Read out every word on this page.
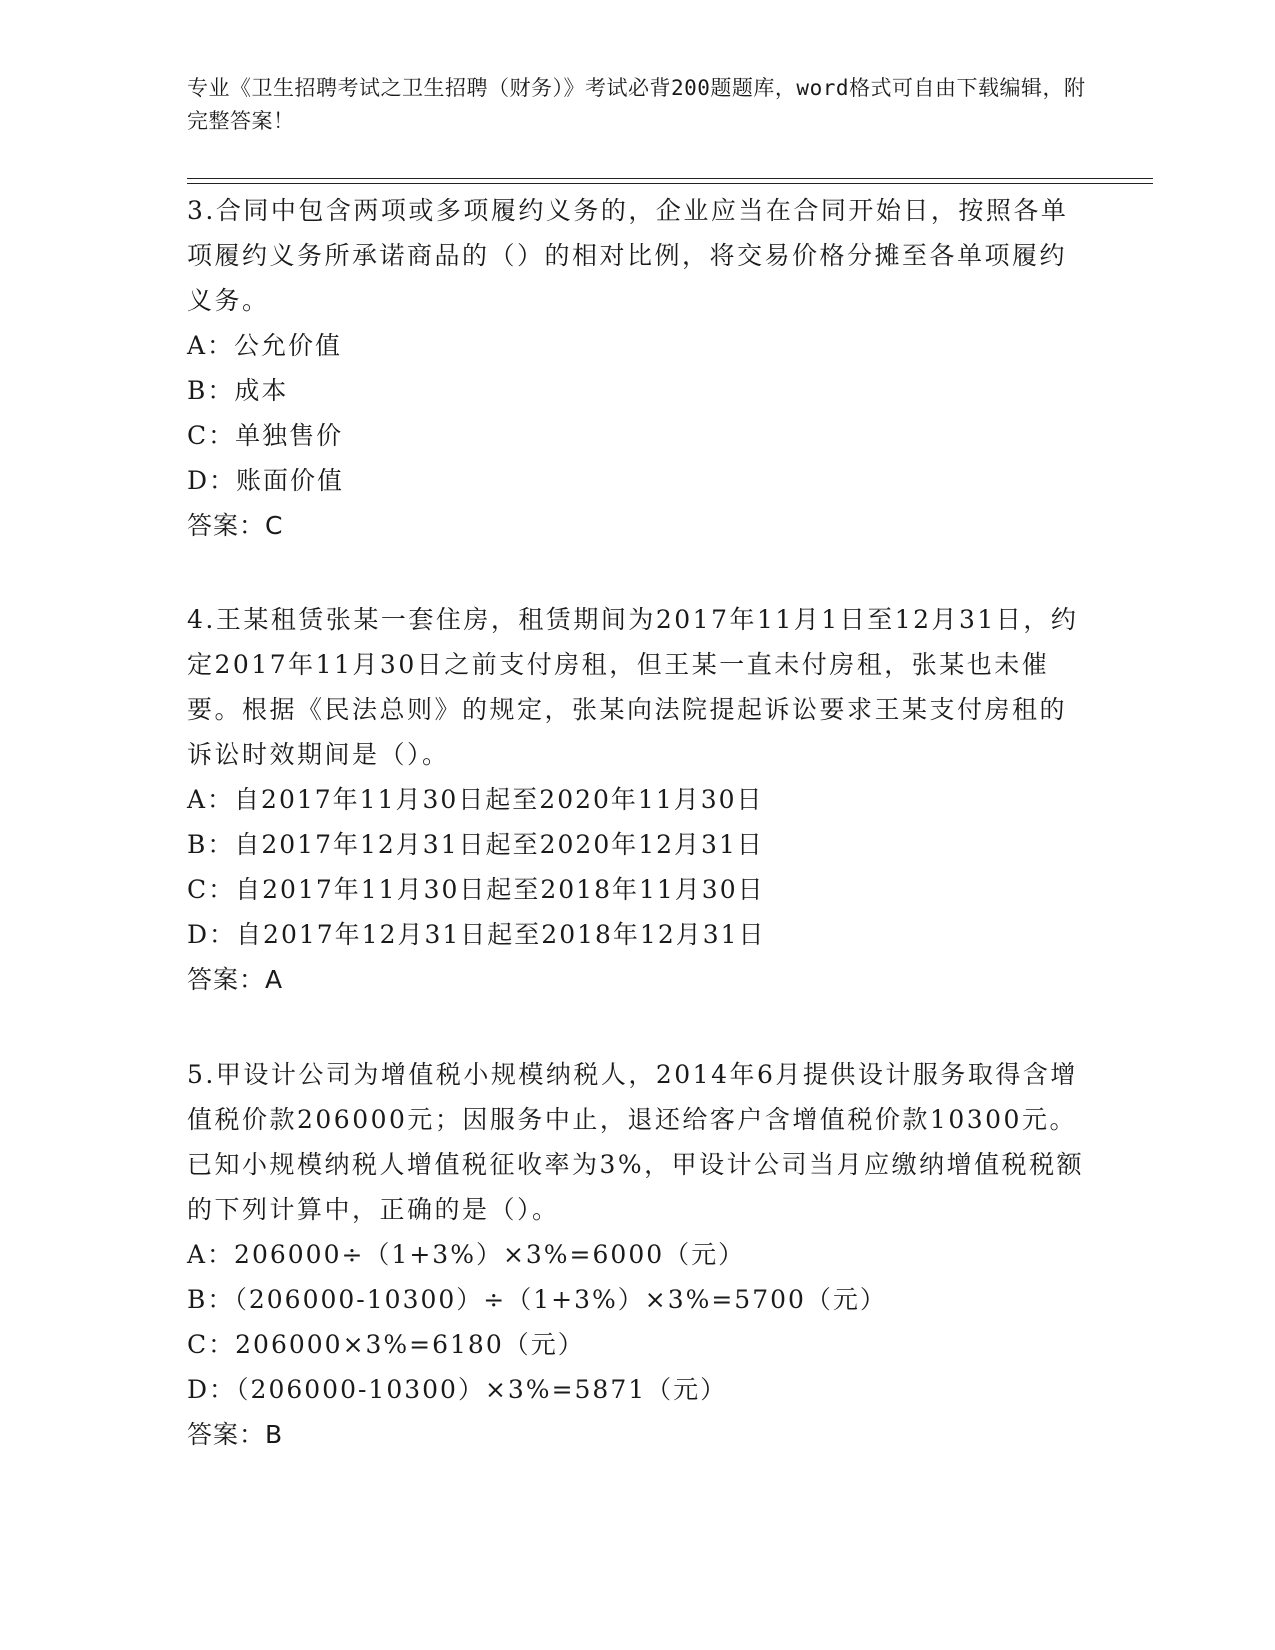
专业《卫生招聘考试之卫生招聘（财务）》考试必背200题题库，word格式可自由下载编辑，附完整答案！

3.合同中包含两项或多项履约义务的，企业应当在合同开始日，按照各单项履约义务所承诺商品的（）的相对比例，将交易价格分摊至各单项履约义务。

A：公允价值

B：成本

C：单独售价

D：账面价值

答案：C

4.王某租赁张某一套住房，租赁期间为2017年11月1日至12月31日，约定2017年11月30日之前支付房租，但王某一直未付房租，张某也未催要。根据《民法总则》的规定，张某向法院提起诉讼要求王某支付房租的诉讼时效期间是（）。

A：自2017年11月30日起至2020年11月30日

B：自2017年12月31日起至2020年12月31日

C：自2017年11月30日起至2018年11月30日

D：自2017年12月31日起至2018年12月31日

答案：A

5.甲设计公司为增值税小规模纳税人，2014年6月提供设计服务取得含增值税价款206000元；因服务中止，退还给客户含增值税价款10300元。已知小规模纳税人增值税征收率为3%，甲设计公司当月应缴纳增值税税额的下列计算中，正确的是（）。

A：206000÷（1+3%）×3%=6000（元）

B：（206000-10300）÷（1+3%）×3%=5700（元）

C：206000×3%=6180（元）

D：（206000-10300）×3%=5871（元）

答案：B
